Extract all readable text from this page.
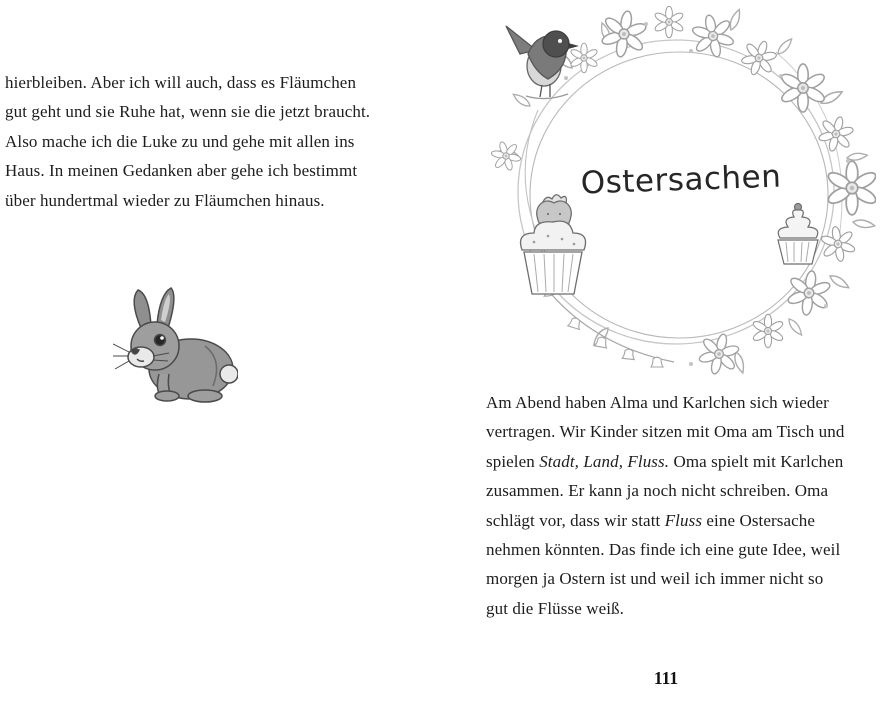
hierbleiben. Aber ich will auch, dass es Fläumchen gut geht und sie Ruhe hat, wenn sie die jetzt braucht. Also mache ich die Luke zu und gehe mit allen ins Haus. In meinen Gedanken aber gehe ich bestimmt über hundertmal wieder zu Fläumchen hinaus.	Ostersachen
Am Abend haben Alma und Karlchen sich wieder vertragen. Wir Kinder sitzen mit Oma am Tisch und spielen Stadt, Land, Fluss. Oma spielt mit Karlchen zusammen. Er kann ja noch nicht schreiben. Oma schlägt vor, dass wir statt Fluss eine Ostersache nehmen könnten. Das finde ich eine gute Idee, weil morgen ja Ostern ist und weil ich immer nicht so gut die Flüsse weiß.
111
